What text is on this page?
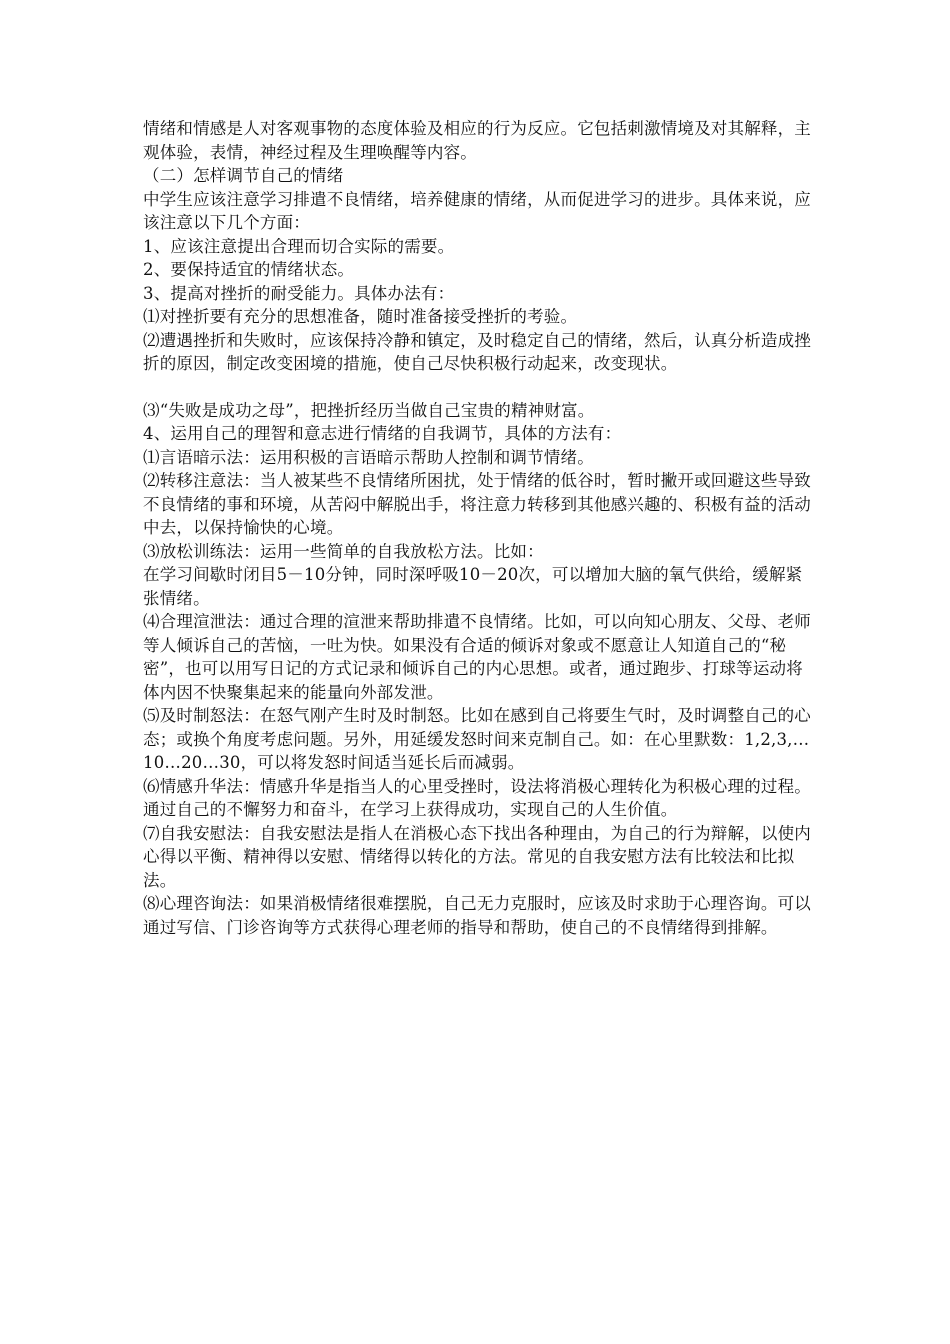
情绪和情感是人对客观事物的态度体验及相应的行为反应。它包括刺激情境及对其解释，主观体验，表情，神经过程及生理唤醒等内容。

（二）怎样调节自己的情绪

中学生应该注意学习排遣不良情绪，培养健康的情绪，从而促进学习的进步。具体来说，应该注意以下几个方面：

1、应该注意提出合理而切合实际的需要。

2、要保持适宜的情绪状态。

3、提高对挫折的耐受能力。具体办法有：

⑴对挫折要有充分的思想准备，随时准备接受挫折的考验。

⑵遭遇挫折和失败时，应该保持冷静和镇定，及时稳定自己的情绪，然后，认真分析造成挫折的原因，制定改变困境的措施，使自己尽快积极行动起来，改变现状。

⑶“失败是成功之母”，把挫折经历当做自己宝贵的精神财富。

4、运用自己的理智和意志进行情绪的自我调节，具体的方法有：

⑴言语暗示法：运用积极的言语暗示帮助人控制和调节情绪。

⑵转移注意法：当人被某些不良情绪所困扰，处于情绪的低谷时，暂时撇开或回避这些导致不良情绪的事和环境，从苦闷中解脱出手，将注意力转移到其他感兴趣的、积极有益的活动中去，以保持愉快的心境。

⑶放松训练法：运用一些简单的自我放松方法。比如：

在学习间歇时闭目5－10分钟，同时深呼吸10－20次，可以增加大脑的氧气供给，缓解紧张情绪。

⑷合理渲泄法：通过合理的渲泄来帮助排遣不良情绪。比如，可以向知心朋友、父母、老师等人倾诉自己的苦恼，一吐为快。如果没有合适的倾诉对象或不愿意让人知道自己的“秘密”，也可以用写日记的方式记录和倾诉自己的内心思想。或者，通过跑步、打球等运动将体内因不快聚集起来的能量向外部发泄。

⑸及时制怒法：在怒气刚产生时及时制怒。比如在感到自己将要生气时，及时调整自己的心态；或换个角度考虑问题。另外，用延缓发怒时间来克制自己。如：在心里默数：1,2,3,…10…20…30，可以将发怒时间适当延长后而减弱。

⑹情感升华法：情感升华是指当人的心里受挫时，设法将消极心理转化为积极心理的过程。通过自己的不懈努力和奋斗，在学习上获得成功，实现自己的人生价值。

⑺自我安慰法：自我安慰法是指人在消极心态下找出各种理由，为自己的行为辩解，以使内心得以平衡、精神得以安慰、情绪得以转化的方法。常见的自我安慰方法有比较法和比拟法。

⑻心理咨询法：如果消极情绪很难摆脱，自己无力克服时，应该及时求助于心理咨询。可以通过写信、门诊咨询等方式获得心理老师的指导和帮助，使自己的不良情绪得到排解。
